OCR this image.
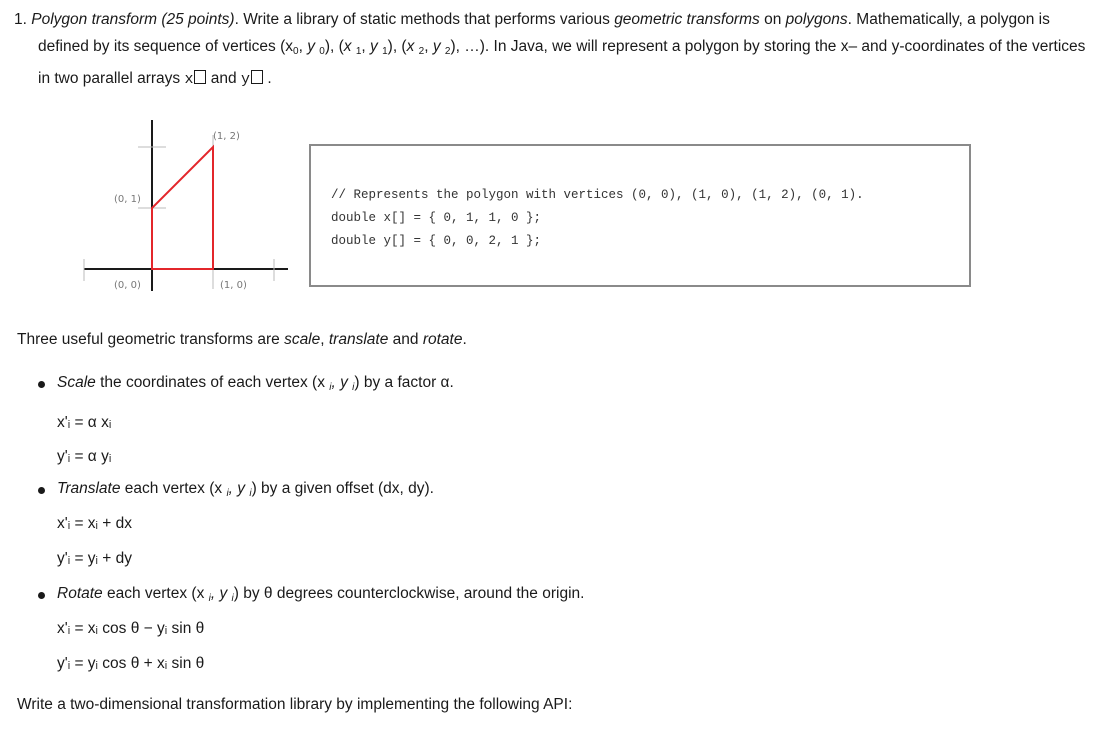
1. Polygon transform (25 points). Write a library of static methods that performs various geometric transforms on polygons. Mathematically, a polygon is
defined by its sequence of vertices ($x_0$, y $_0$), (x $_1$, y $_1$), (x $_2$, y $_2$), …). In Java, we will represent a polygon by storing the x– and y-coordinates of the vertices
in two parallel arrays x and y .
(1, 2)
(0, 1)
(0, 0)	(1, 0)
// Represents the polygon with vertices (0, 0), (1, 0), (1, 2), (0, 1).
double x[] = { 0, 1, 1, 0 };
double y[] = { 0, 0, 2, 1 };
Three useful geometric transforms are scale, translate and rotate.
Scale the coordinates of each vertex (x $_i$, y $_i$) by a factor α.
x'ᵢ = α xᵢ
y'ᵢ = α yᵢ
Translate each vertex (x $_i$, y $_i$) by a given offset (dx, dy).
x'ᵢ = xᵢ + dx
y'ᵢ = yᵢ + dy
Rotate each vertex (x $_i$, y $_i$) by θ degrees counterclockwise, around the origin.
x'ᵢ = xᵢ cos θ − yᵢ sin θ
y'ᵢ = yᵢ cos θ + xᵢ sin θ
Write a two-dimensional transformation library by implementing the following API:
